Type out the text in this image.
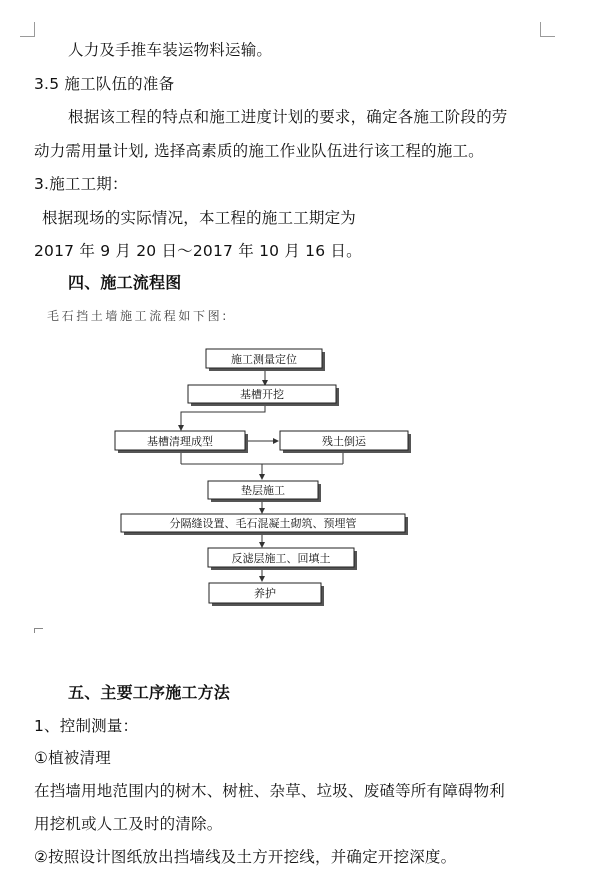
人力及手推车装运物料运输。
3.5 施工队伍的准备
根据该工程的特点和施工进度计划的要求，确定各施工阶段的劳
动力需用量计划, 选择高素质的施工作业队伍进行该工程的施工。
3.施工工期：
根据现场的实际情况，本工程的施工工期定为
2017 年 9 月 20 日～2017 年 10 月 16 日。
四、施工流程图
毛石挡土墙施工流程如下图:
施工测量定位
基槽开挖
基槽清理成型	残土倒运
垫层施工
分隔缝设置、毛石混凝土砌筑、预埋管
反滤层施工、回填土
养护
五、主要工序施工方法
1、控制测量：
①植被清理
在挡墙用地范围内的树木、树桩、杂草、垃圾、废碴等所有障碍物利
用挖机或人工及时的清除。
②按照设计图纸放出挡墙线及土方开挖线，并确定开挖深度。
